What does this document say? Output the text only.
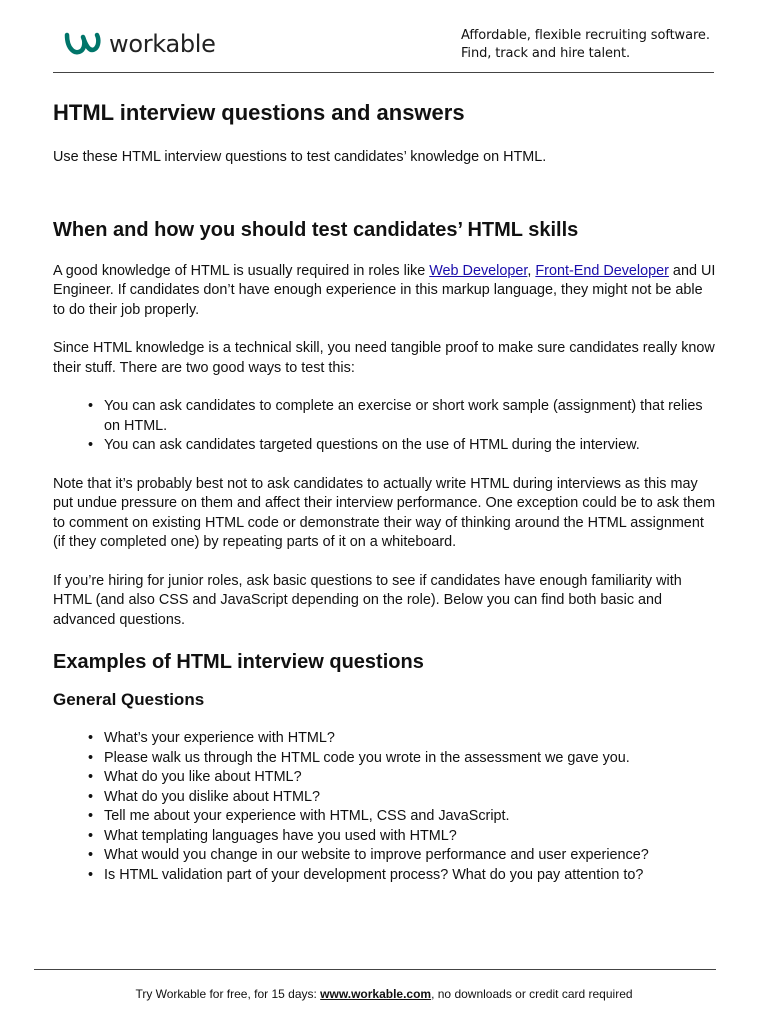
workable	Affordable, flexible recruiting software.
Find, track and hire talent.
HTML interview questions and answers

Use these HTML interview questions to test candidates’ knowledge on HTML.

When and how you should test candidates’ HTML skills

A good knowledge of HTML is usually required in roles like Web Developer, Front-End Developer and UI Engineer. If candidates don’t have enough experience in this markup language, they might not be able to do their job properly.

Since HTML knowledge is a technical skill, you need tangible proof to make sure candidates really know their stuff. There are two good ways to test this:

• You can ask candidates to complete an exercise or short work sample (assignment) that relies on HTML.
• You can ask candidates targeted questions on the use of HTML during the interview.

Note that it’s probably best not to ask candidates to actually write HTML during interviews as this may put undue pressure on them and affect their interview performance. One exception could be to ask them to comment on existing HTML code or demonstrate their way of thinking around the HTML assignment (if they completed one) by repeating parts of it on a whiteboard.

If you’re hiring for junior roles, ask basic questions to see if candidates have enough familiarity with HTML (and also CSS and JavaScript depending on the role). Below you can find both basic and advanced questions.

Examples of HTML interview questions
General Questions
• What’s your experience with HTML?
• Please walk us through the HTML code you wrote in the assessment we gave you.
• What do you like about HTML?
• What do you dislike about HTML?
• Tell me about your experience with HTML, CSS and JavaScript.
• What templating languages have you used with HTML?
• What would you change in our website to improve performance and user experience?
• Is HTML validation part of your development process? What do you pay attention to?
Try Workable for free, for 15 days: www.workable.com, no downloads or credit card required
